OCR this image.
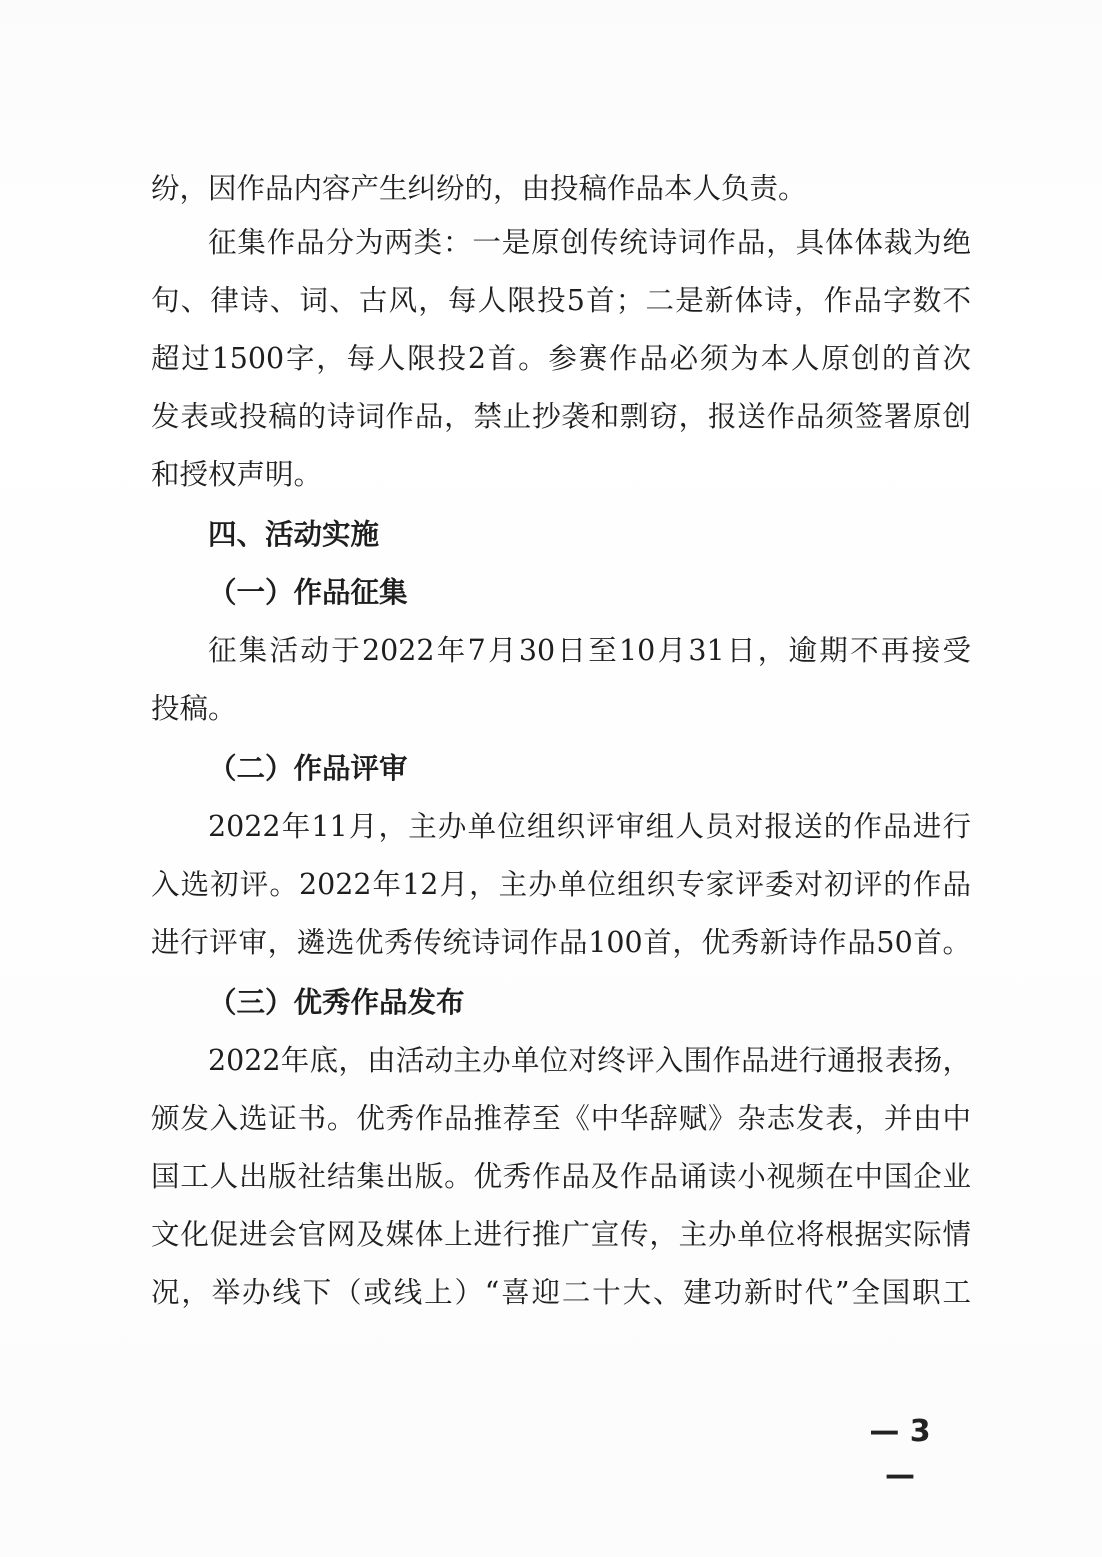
纷，因作品内容产生纠纷的，由投稿作品本人负责。
征集作品分为两类：一是原创传统诗词作品，具体体裁为绝
句、律诗、词、古风，每人限投5首；二是新体诗，作品字数不
超过1500字，每人限投2首。参赛作品必须为本人原创的首次
发表或投稿的诗词作品，禁止抄袭和剽窃，报送作品须签署原创
和授权声明。
四、活动实施
（一）作品征集
征集活动于2022年7月30日至10月31日，逾期不再接受
投稿。
（二）作品评审
2022年11月，主办单位组织评审组人员对报送的作品进行
入选初评。2022年12月，主办单位组织专家评委对初评的作品
进行评审，遴选优秀传统诗词作品100首，优秀新诗作品50首。
（三）优秀作品发布
2022年底，由活动主办单位对终评入围作品进行通报表扬，
颁发入选证书。优秀作品推荐至《中华辞赋》杂志发表，并由中
国工人出版社结集出版。优秀作品及作品诵读小视频在中国企业
文化促进会官网及媒体上进行推广宣传，主办单位将根据实际情
况，举办线下（或线上）“喜迎二十大、建功新时代”全国职工
— 3 —
